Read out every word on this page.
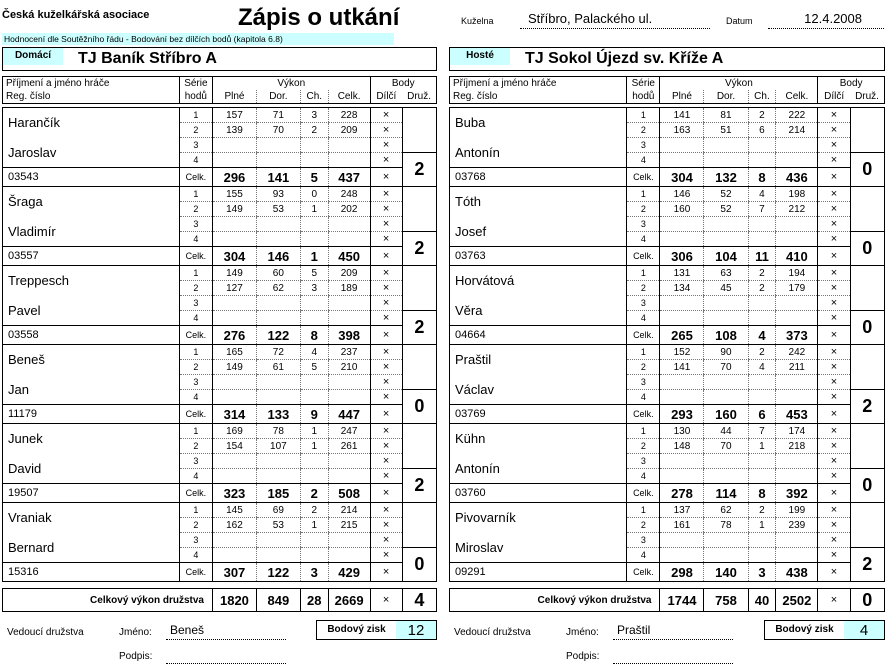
Česká kuželkářská asociace	Zápis o utkání	Kuželna	Stříbro, Palackého ul.	Datum	12.4.2008
Hodnocení dle Soutěžního řádu - Bodování bez dílčích bodů (kapitola 6.8)
Domácí	TJ Baník Stříbro A	Hosté	TJ Sokol Újezd sv. Kříže A
Příjmení a jméno hráče	Série	Výkon				Body	
Reg. číslo	hodů	Plné	Dor.	Ch.	Celk.	Dílčí	Druž.

Harančík	1	157	71	3	228	×	
	2	139	70	2	209	×	
Jaroslav	3					×	
	4					×	2
03543	Celk.	296	141	5	437	×	
Šraga	1	155	93	0	248	×	
	2	149	53	1	202	×	
Vladimír	3					×	
	4					×	2
03557	Celk.	304	146	1	450	×	
Treppesch	1	149	60	5	209	×	
	2	127	62	3	189	×	
Pavel	3					×	
	4					×	2
03558	Celk.	276	122	8	398	×	
Beneš	1	165	72	4	237	×	
	2	149	61	5	210	×	
Jan	3					×	
	4					×	0
11179	Celk.	314	133	9	447	×	
Junek	1	169	78	1	247	×	
	2	154	107	1	261	×	
David	3					×	
	4					×	2
19507	Celk.	323	185	2	508	×	
Vraniak	1	145	69	2	214	×	
	2	162	53	1	215	×	
Bernard	3					×	
	4					×	0
15316	Celk.	307	122	3	429	×	

Celkový výkon družstva		1820	849	28	2669	×	4
Příjmení a jméno hráče	Série	Výkon				Body	
Reg. číslo	hodů	Plné	Dor.	Ch.	Celk.	Dílčí	Druž.

Buba	1	141	81	2	222	×	
	2	163	51	6	214	×	
Antonín	3					×	
	4					×	0
03768	Celk.	304	132	8	436	×	
Tóth	1	146	52	4	198	×	
	2	160	52	7	212	×	
Josef	3					×	
	4					×	0
03763	Celk.	306	104	11	410	×	
Horvátová	1	131	63	2	194	×	
	2	134	45	2	179	×	
Věra	3					×	
	4					×	0
04664	Celk.	265	108	4	373	×	
Praštil	1	152	90	2	242	×	
	2	141	70	4	211	×	
Václav	3					×	
	4					×	2
03769	Celk.	293	160	6	453	×	
Kühn	1	130	44	7	174	×	
	2	148	70	1	218	×	
Antonín	3					×	
	4					×	0
03760	Celk.	278	114	8	392	×	
Pivovarník	1	137	62	2	199	×	
	2	161	78	1	239	×	
Miroslav	3					×	
	4					×	2
09291	Celk.	298	140	3	438	×	

Celkový výkon družstva		1744	758	40	2502	×	0
Bodový zisk	12	Bodový zisk	4
Vedoucí družstva	Jméno:	Beneš
Podpis:
Vedoucí družstva	Jméno:	Praštil
Podpis:
